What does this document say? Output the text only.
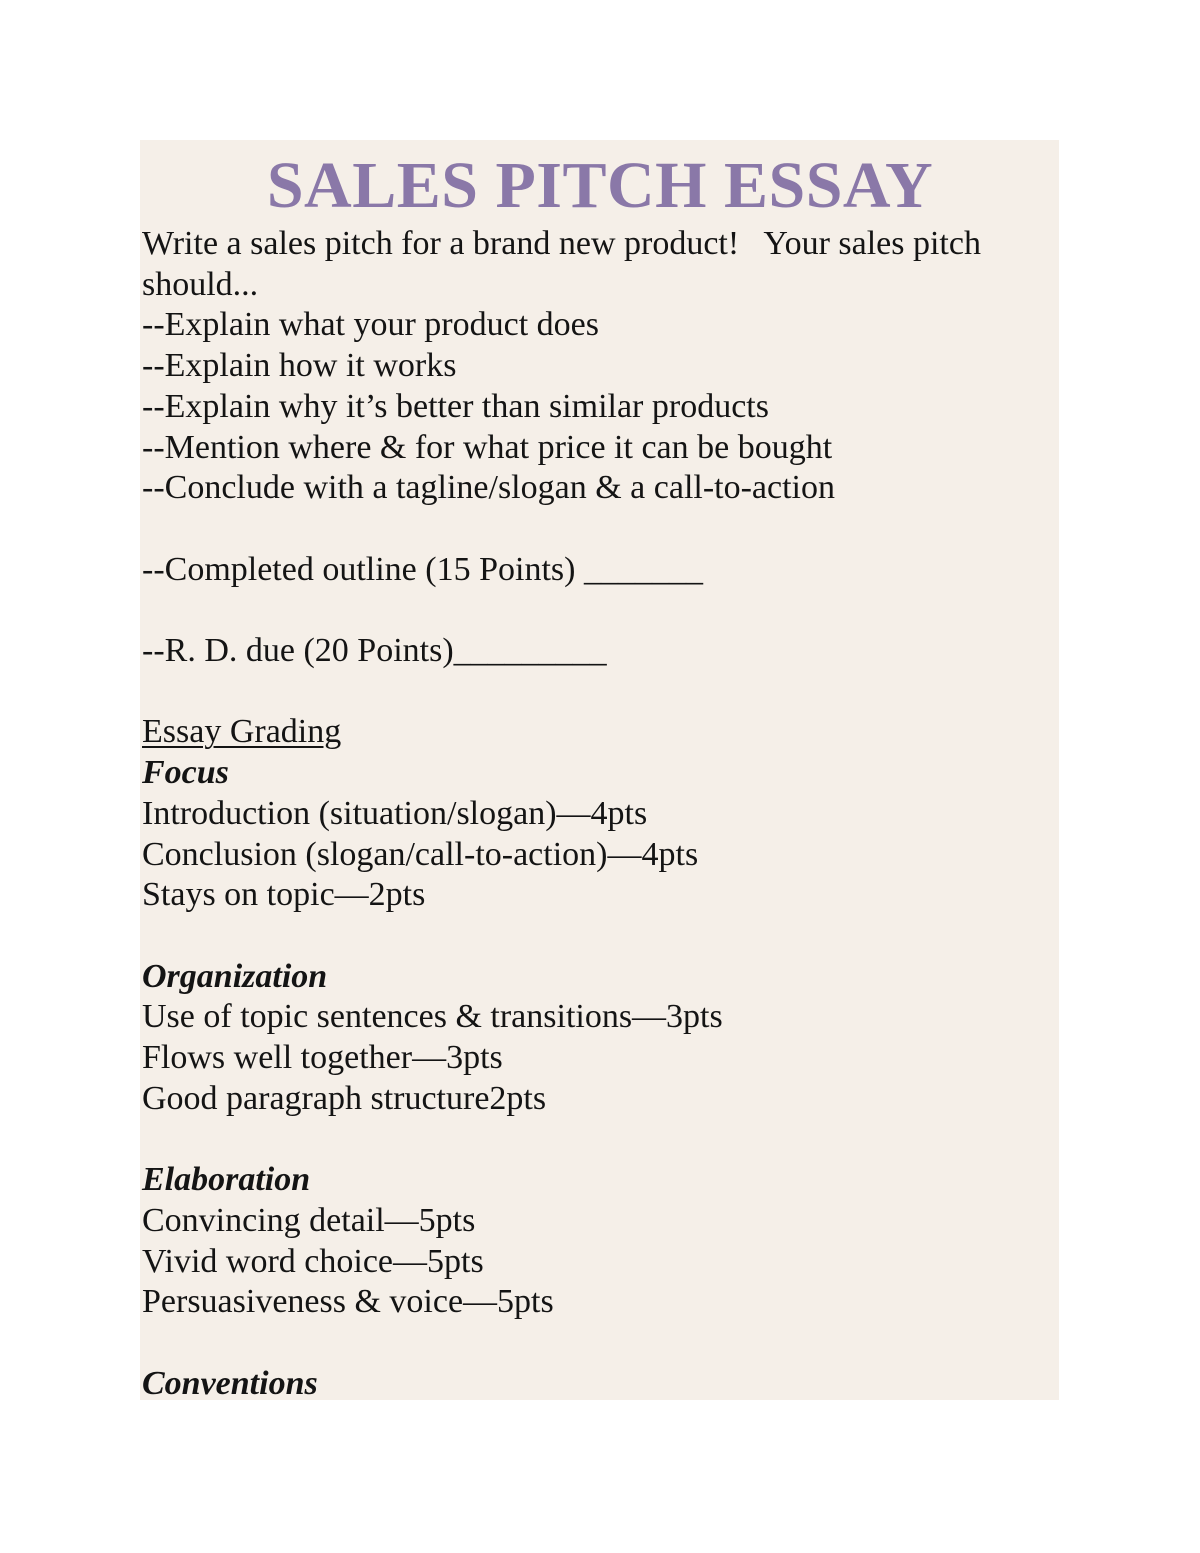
SALES PITCH ESSAY
Write a sales pitch for a brand new product!   Your sales pitch
should...
--Explain what your product does
--Explain how it works
--Explain why it’s better than similar products
--Mention where & for what price it can be bought
--Conclude with a tagline/slogan & a call-to-action
--Completed outline (15 Points) _______
--R. D. due (20 Points)_________
Essay Grading
Focus
Introduction (situation/slogan)—4pts
Conclusion (slogan/call-to-action)—4pts
Stays on topic—2pts
Organization
Use of topic sentences & transitions—3pts
Flows well together—3pts
Good paragraph structure2pts
Elaboration
Convincing detail—5pts
Vivid word choice—5pts
Persuasiveness & voice—5pts
Conventions
